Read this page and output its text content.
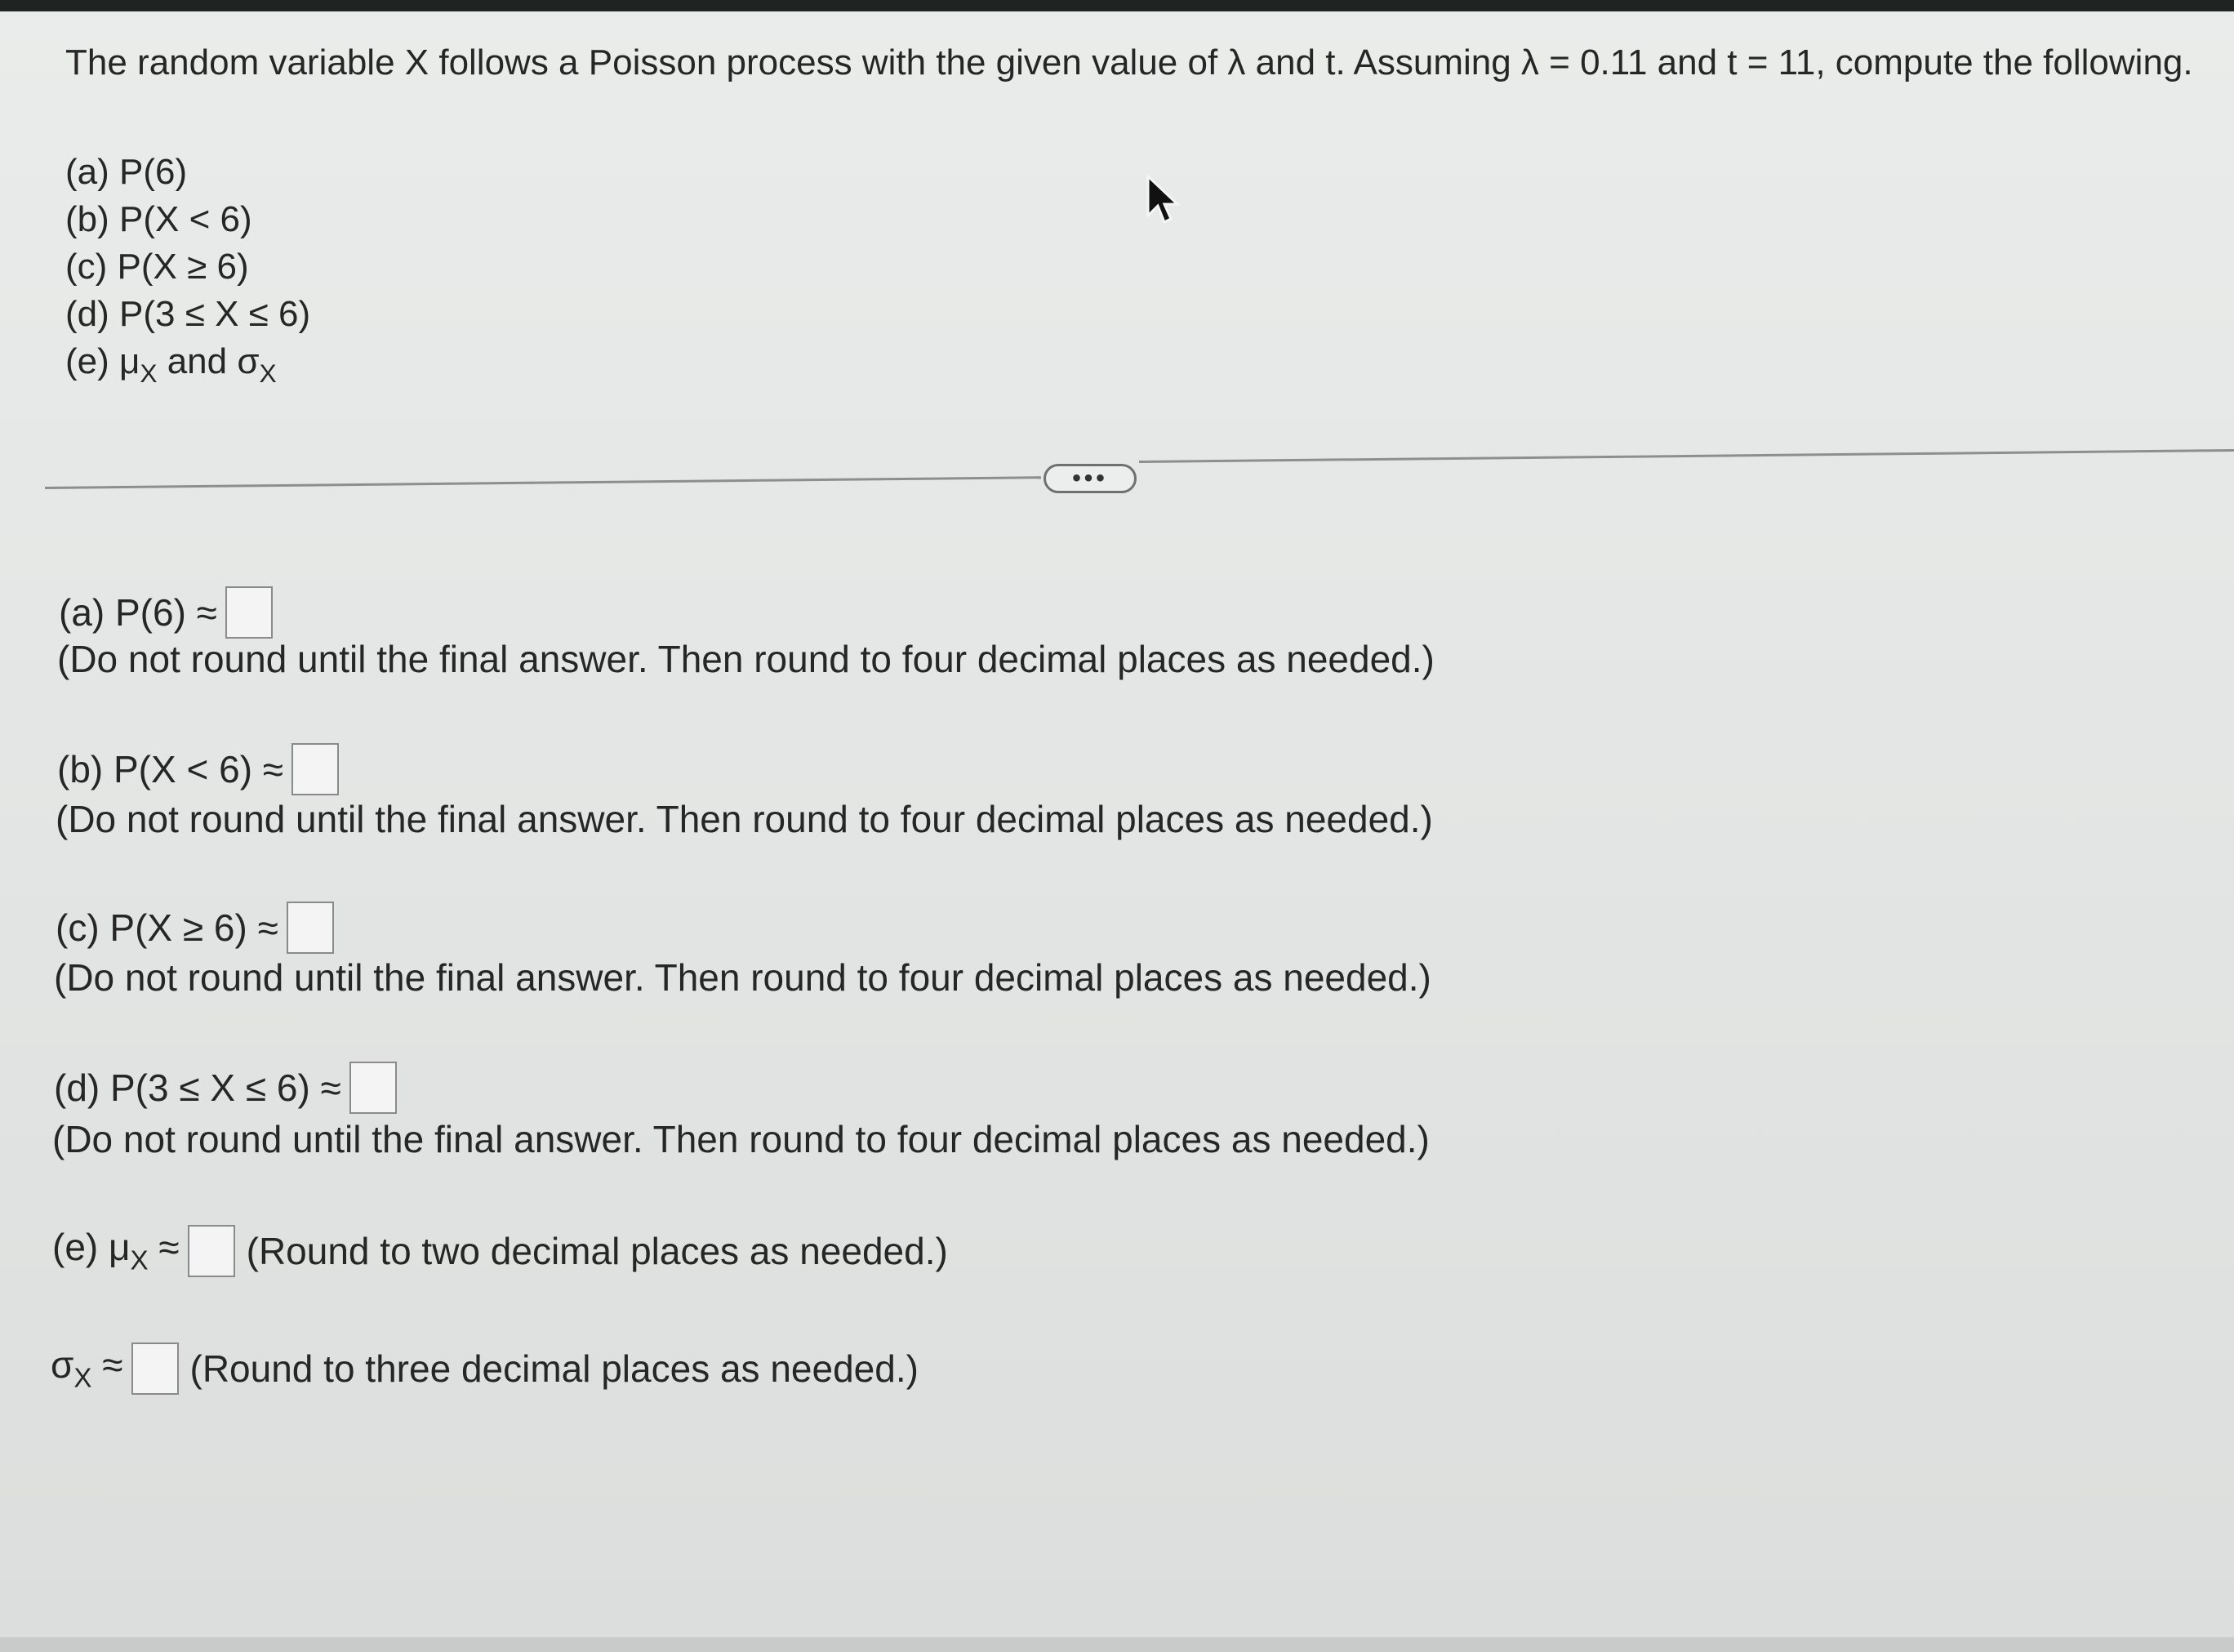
The random variable X follows a Poisson process with the given value of λ and t. Assuming λ = 0.11 and t = 11, compute the following.
(a) P(6)
(b) P(X < 6)
(c) P(X ≥ 6)
(d) P(3 ≤ X ≤ 6)
(e) $\mu_X$ and $\sigma_X$
•••
(a) P(6) ≈
(Do not round until the final answer. Then round to four decimal places as needed.)
(b) P(X < 6) ≈
(Do not round until the final answer. Then round to four decimal places as needed.)
(c) P(X ≥ 6) ≈
(Do not round until the final answer. Then round to four decimal places as needed.)
(d) P(3 ≤ X ≤ 6) ≈
(Do not round until the final answer. Then round to four decimal places as needed.)
(e) $\mu_X$ ≈ (Round to two decimal places as needed.)
$\sigma_X$ ≈ (Round to three decimal places as needed.)
